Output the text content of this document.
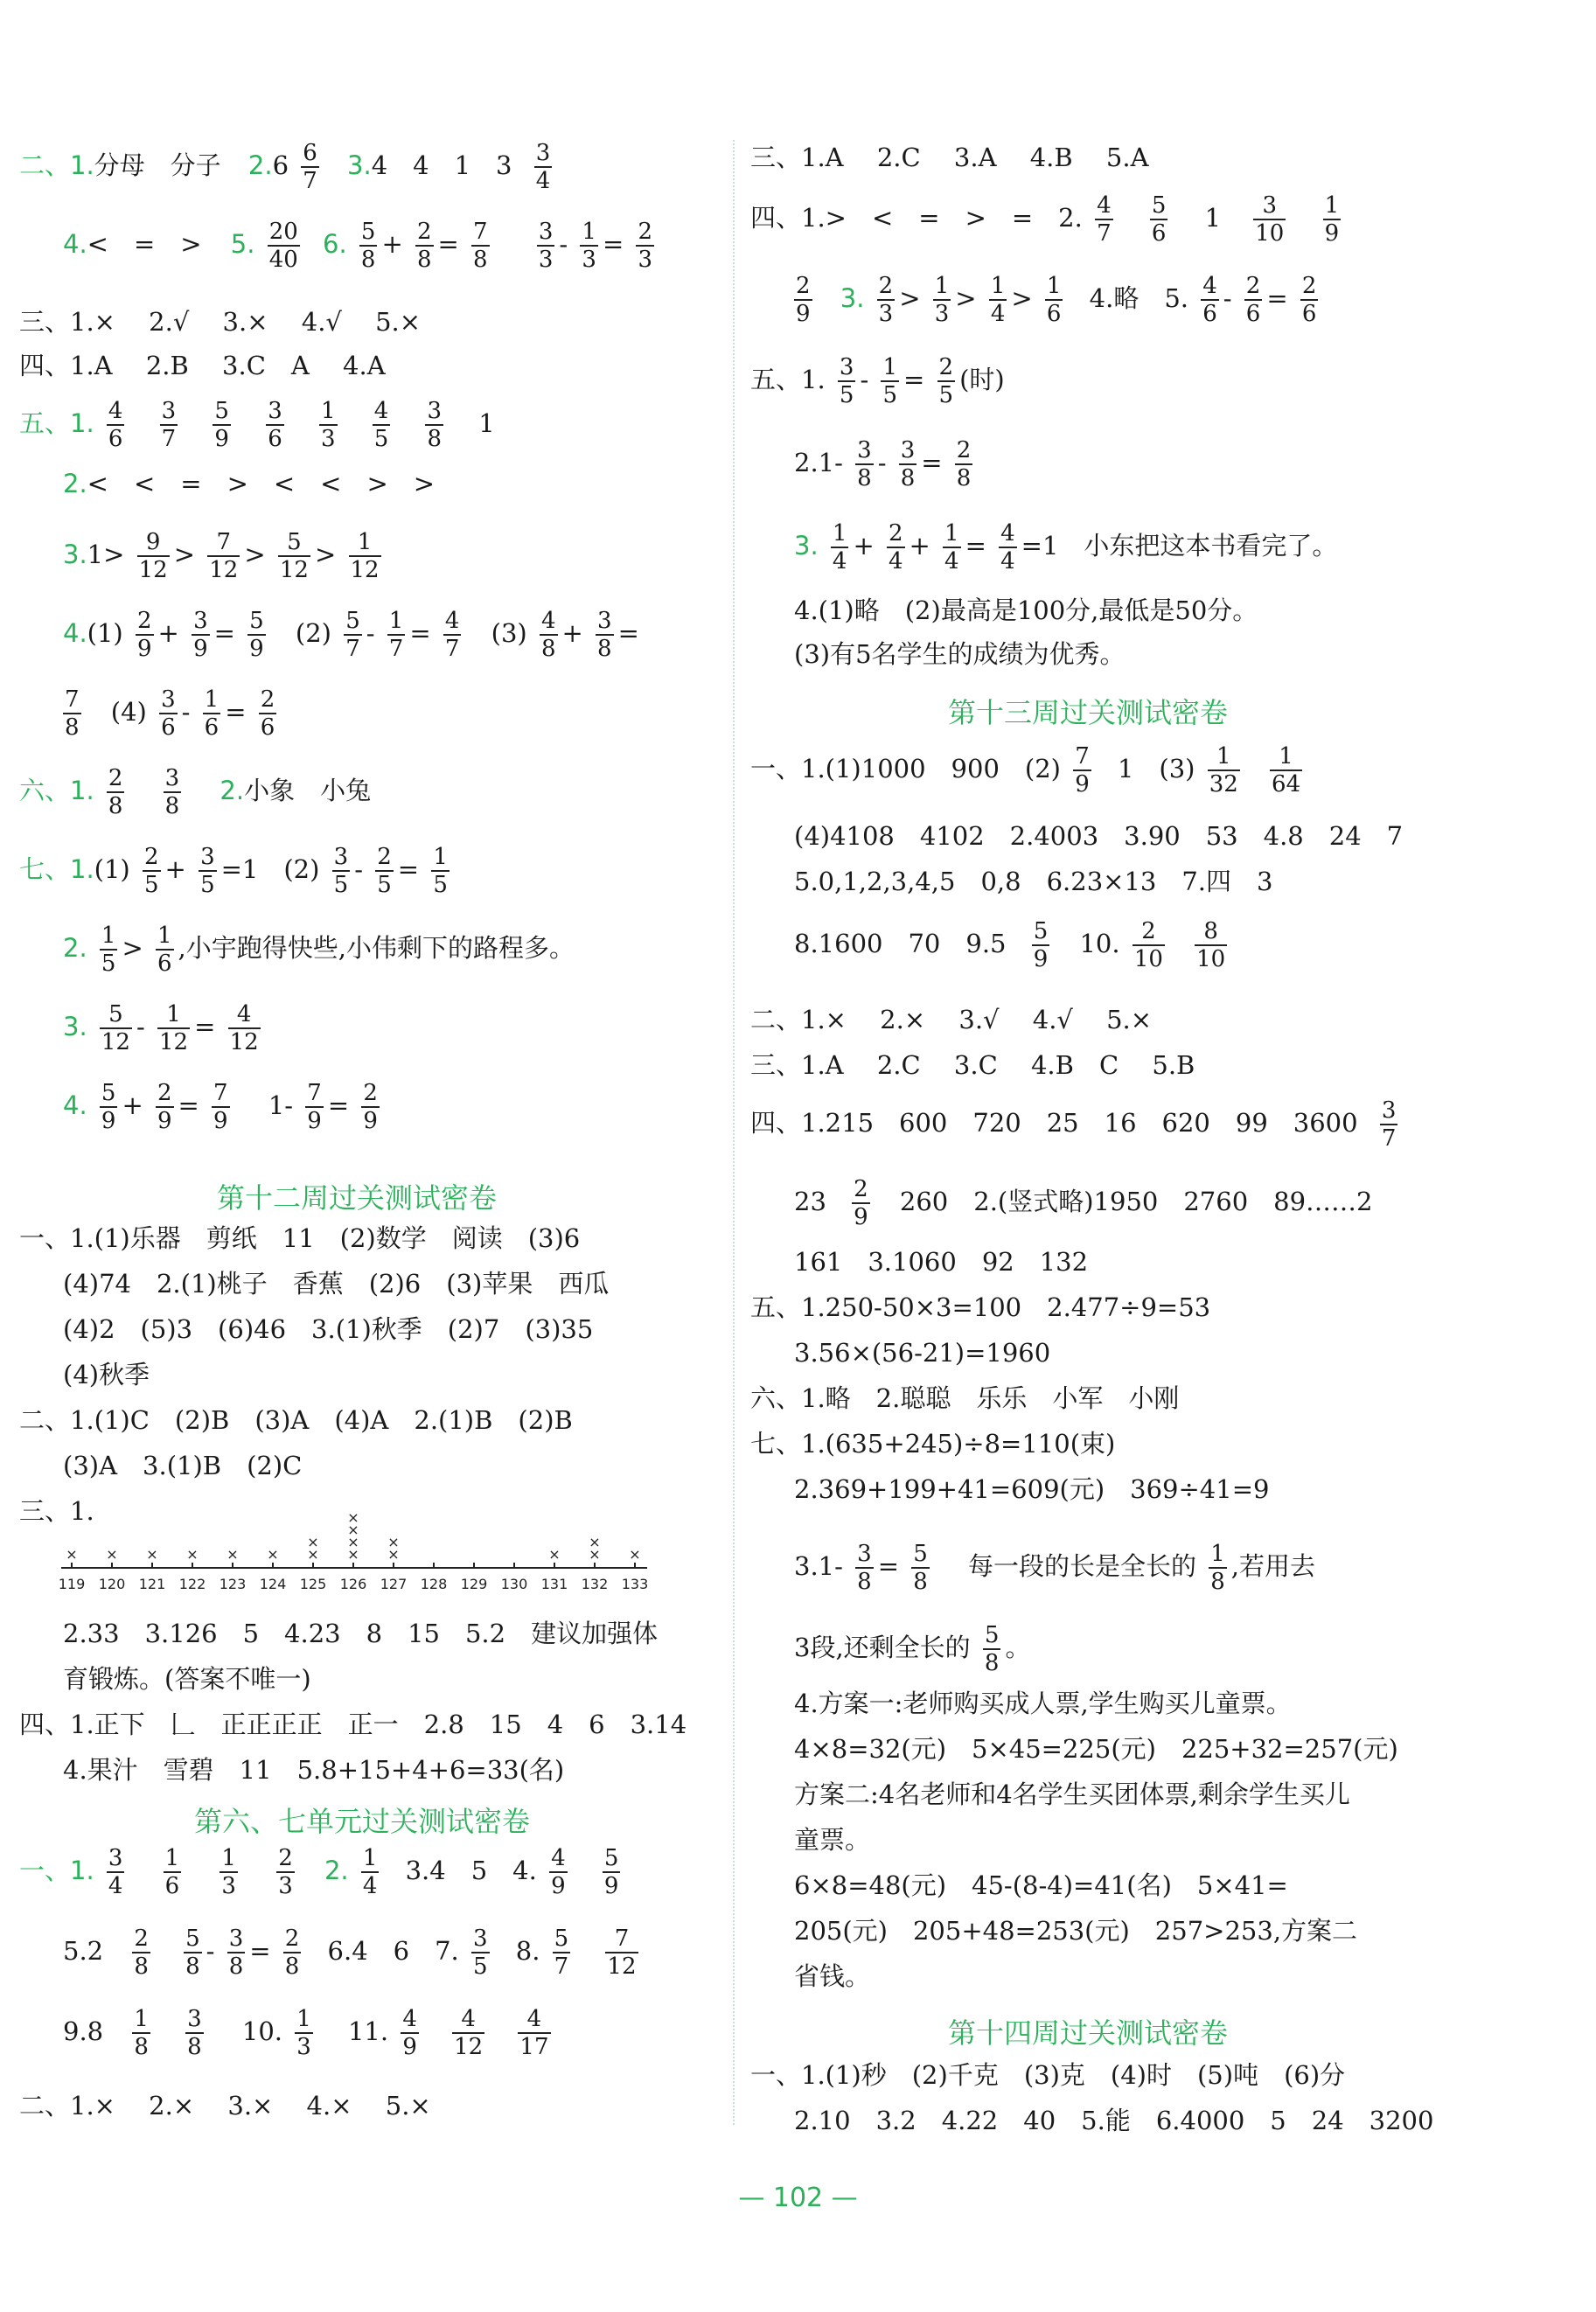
二、1.分母　分子 $2.6 \frac{6}{7} 3.4$　4　1　$3 \frac{3}{4}$
4.<　=　> 5. $\frac{20}{40} 6$. $\frac{5}{8} + \frac{2}{8} = \frac{7}{8}$
$\frac{3}{3} - \frac{1}{3} = \frac{2}{3}$
三、1.× 　2.√ 　3.× 　4.√ 　5.×
四、1.A 　2.B 　3.C　A 　4.A
五、1. $\frac{4}{6}$
$\frac{3}{7}$
$\frac{5}{9}$
$\frac{3}{6}$
$\frac{1}{3}$
$\frac{4}{5}$
$\frac{3}{8} 1$
2.<　<　=　>　<　<　>　>
$3.1> \frac{9}{12} > \frac{7}{12} > \frac{5}{12} > \frac{1}{12}$
$4.(1) \frac{2}{9} + \frac{3}{9} = \frac{5}{9} (2) \frac{5}{7} - \frac{1}{7} = \frac{4}{7} (3) \frac{4}{8} + \frac{3}{8}$ =
$\frac{7}{8} (4) \frac{3}{6} - \frac{1}{6} = \frac{2}{6}$
六、1. $\frac{2}{8}$
$\frac{3}{8} 2$.小象　小兔
七、$1.(1) \frac{2}{5} + \frac{3}{5} =1$　$(2) \frac{3}{5} - \frac{2}{5} = \frac{1}{5}$
2. $\frac{1}{5} > \frac{1}{6}$ ,小宇跑得快些,小伟剩下的路程多。
3. $\frac{5}{12} - \frac{1}{12} = \frac{4}{12}$
4. $\frac{5}{9} + \frac{2}{9} = \frac{7}{9} 1- \frac{7}{9} = \frac{2}{9}$
第十二周过关测试密卷
一、1.(1)乐器　剪纸　11　(2)数学　阅读　(3)6
(4)74　2.(1)桃子　香蕉　(2)6　(3)苹果　西瓜
(4)2　(5)3　(6)46　3.(1)秋季　(2)7　(3)35
(4)秋季
二、1.(1)C　(2)B　(3)A　(4)A　2.(1)B　(2)B
(3)A　3.(1)B　(2)C
三、1.
119
×
120
×
121
×
122
×
123
×
124
×
125
×
×
126
×
×
×
×
127
×
×
128 129 130 131
×
132
×
×
133
×
2.33　3.126　5　4.23　8　15　5.2　建议加强体
育锻炼。(答案不唯一)
四、1.正下　𠃊　正正正正　正一　2.8　15　4　6　3.14
4.果汁　雪碧　11　5.8+15+4+6=33(名)
第六、七单元过关测试密卷
一、1. $\frac{3}{4}$
$\frac{1}{6}$
$\frac{1}{3}$
$\frac{2}{3} 2$. $\frac{1}{4} 3.4$　5　4. $\frac{4}{9}$
$\frac{5}{9}$
$5.2 \frac{2}{8}$
$\frac{5}{8} - \frac{3}{8} = \frac{2}{8} 6.4$　6　7. $\frac{3}{5} 8$. $\frac{5}{7}$
$\frac{7}{12}$
$9.8 \frac{1}{8}$
$\frac{3}{8} 10$. $\frac{1}{3} 11$. $\frac{4}{9}$
$\frac{4}{12}$
$\frac{4}{17}$
二、1.× 　2.× 　3.× 　4.× 　5.×
三、1.A 　2.C 　3.A 　4.B 　5.A
四、1.>　<　=　>　=　2. $\frac{4}{7}$
$\frac{5}{6} 1 \frac{3}{10}$
$\frac{1}{9}$
$\frac{2}{9} 3$. $\frac{2}{3} > \frac{1}{3} > \frac{1}{4} > \frac{1}{6} 4$.略　5. $\frac{4}{6} - \frac{2}{6} = \frac{2}{6}$
五、1. $\frac{3}{5} - \frac{1}{5} = \frac{2}{5}$ (时)
$2.1- \frac{3}{8} - \frac{3}{8} = \frac{2}{8}$
3. $\frac{1}{4} + \frac{2}{4} + \frac{1}{4} = \frac{4}{4} =1$　小东把这本书看完了。
4.(1)略　(2)最高是100分,最低是50分。
(3)有5名学生的成绩为优秀。
第十三周过关测试密卷
一、1.(1)1000　900　$(2) \frac{7}{9} 1$　$(3) \frac{1}{32}$
$\frac{1}{64}$
(4)4108　4102　2.4003　3.90　53　4.8　24　7
5.0,1,2,3,4,5　0,8　6.23×13　7.四　3
8.1600　70　$9.5 \frac{5}{9} 10$. $\frac{2}{10}$
$\frac{8}{10}$
二、1.× 　2.× 　3.√ 　4.√ 　5.×
三、1.A 　2.C 　3.C 　4.B　C 　5.B
四、1.215　600　720　25　16　620　99　$3600 \frac{3}{7}$
$23 \frac{2}{9} 260$　2.(竖式略)1950　2760　89……2
161　3.1060　92　132
五、1.250-50×3=100　2.477÷9=53
3.56×(56-21)=1960
六、1.略　2.聪聪　乐乐　小军　小刚
七、1.(635+245)÷8=110(束)
2.369+199+41=609(元)　369÷41=9
$3.1- \frac{3}{8} = \frac{5}{8}$ 每一段的长是全长的 $\frac{1}{8}$ ,若用去
3段,还剩全长的 $\frac{5}{8}$ 。
4.方案一:老师购买成人票,学生购买儿童票。
4×8=32(元)　5×45=225(元)　225+32=257(元)
方案二:4名老师和4名学生买团体票,剩余学生买儿
童票。
6×8=48(元)　45-(8-4)=41(名)　5×41=
205(元)　205+48=253(元)　257>253,方案二
省钱。
第十四周过关测试密卷
一、1.(1)秒　(2)千克　(3)克　(4)时　(5)吨　(6)分
2.10　3.2　4.22　40　5.能　6.4000　5　24　3200
— 102 —
